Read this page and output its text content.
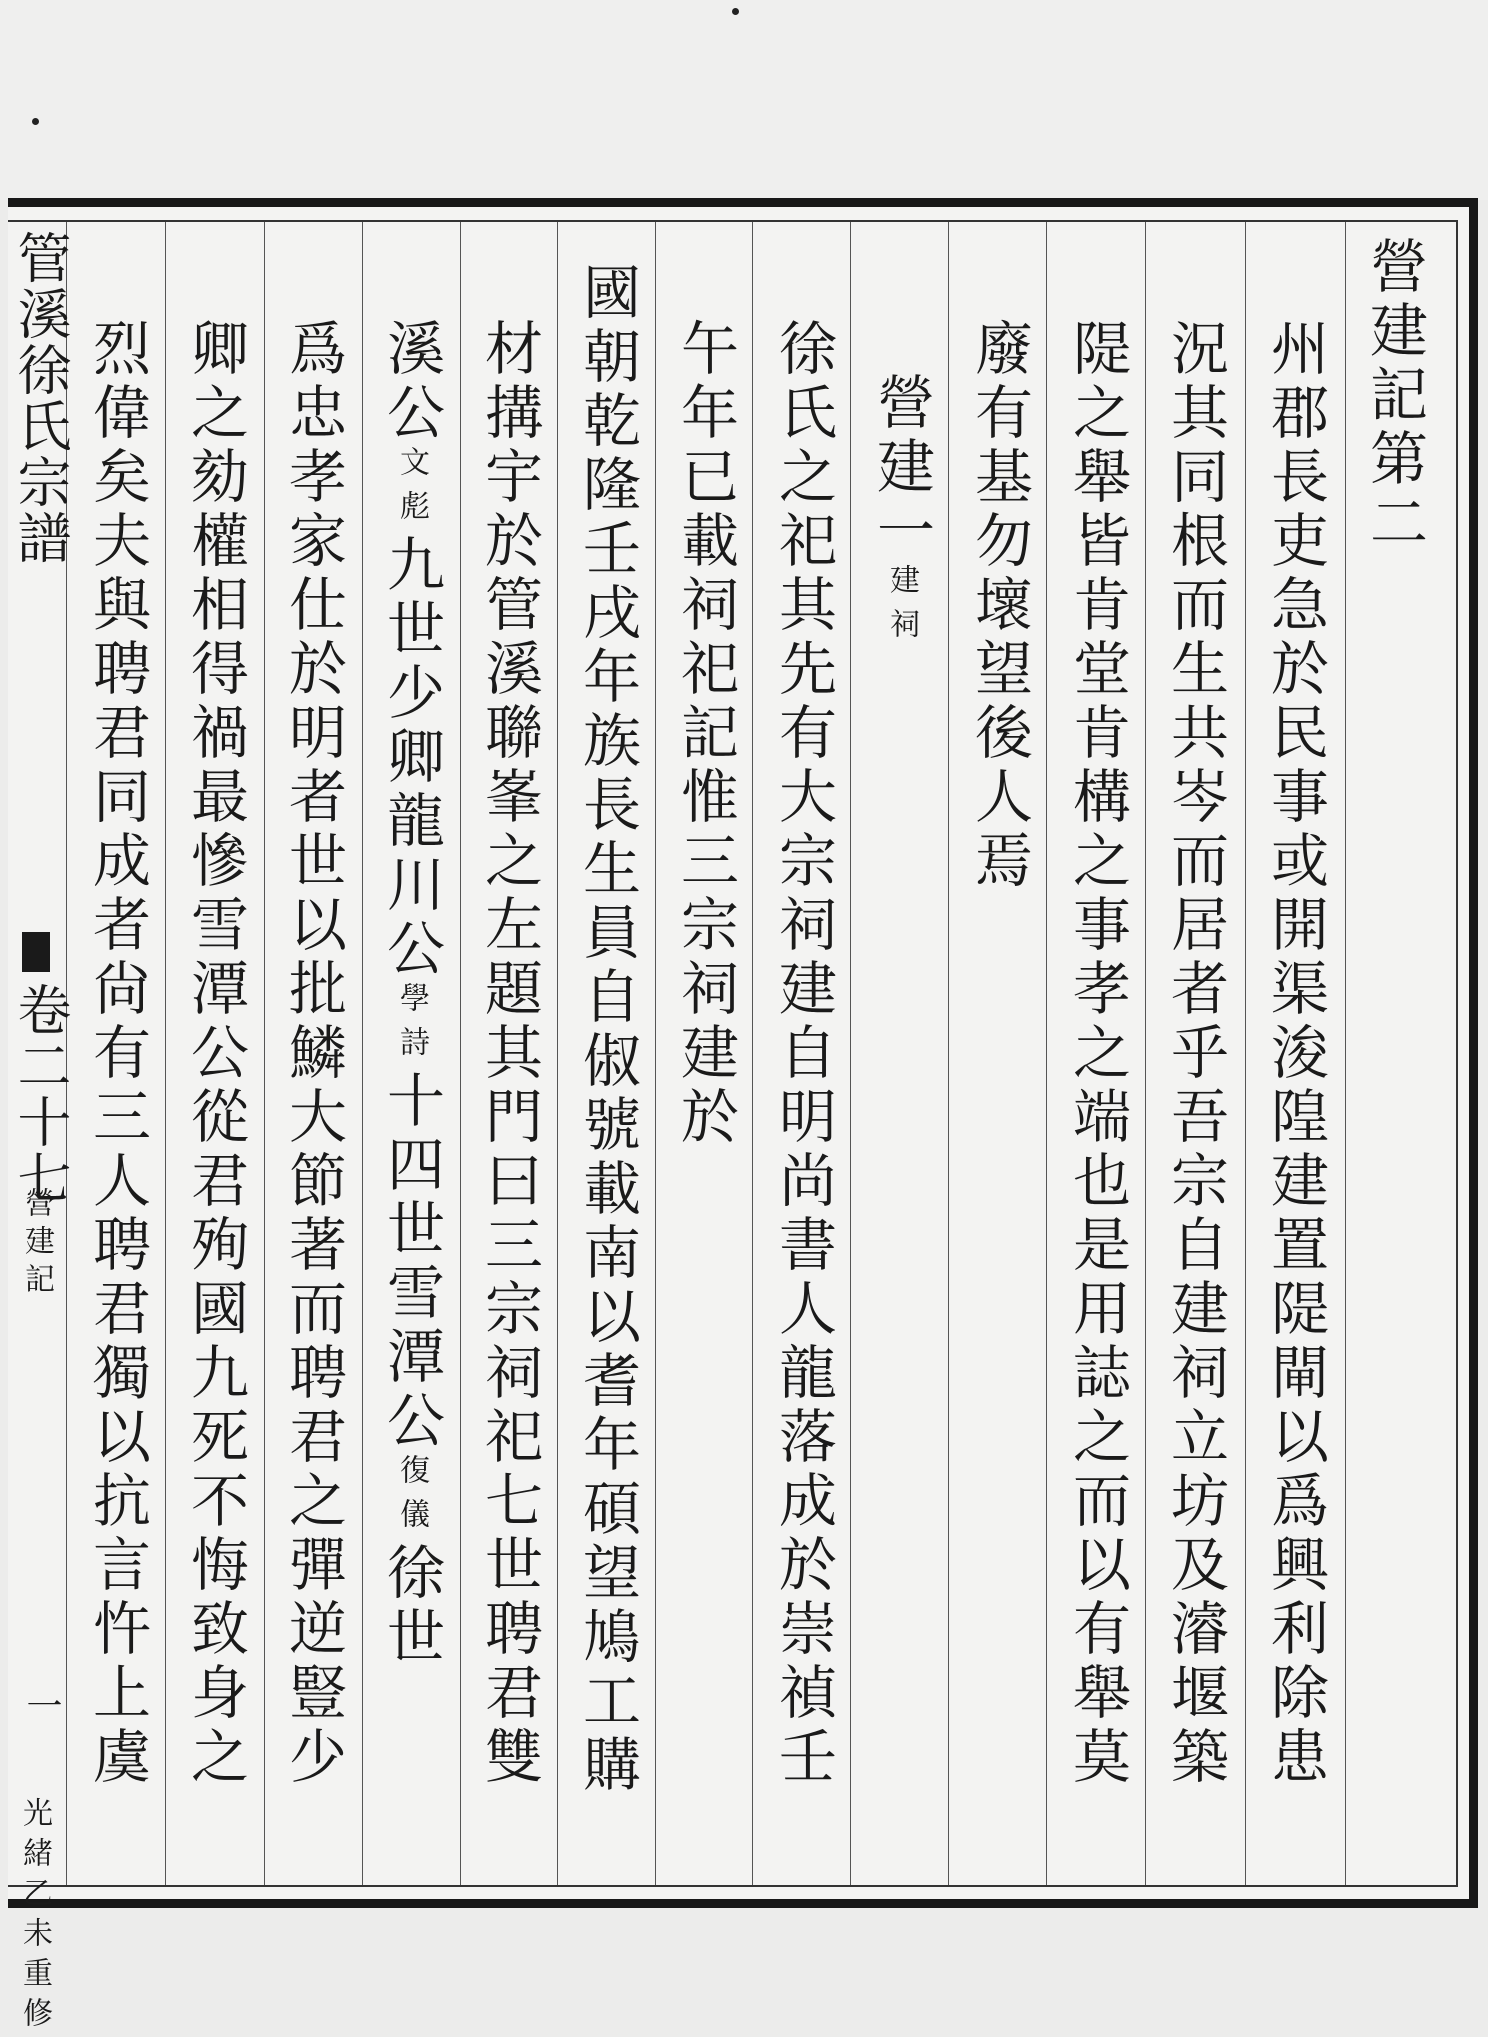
營建記第二
州郡長吏急於民事或開渠浚隍建置隄閘以爲興利除患
況其同根而生共岑而居者乎吾宗自建祠立坊及濬堰築
隄之舉皆肯堂肯構之事孝之端也是用誌之而以有舉莫
廢有基勿壞望後人焉
營建一建祠
徐氏之祀其先有大宗祠建自明尚書人龍落成於崇禎壬
午年已載祠祀記惟三宗祠建於
國朝乾隆壬戌年族長生員自俶號載南以耆年碩望鳩工購
材搆宇於管溪聯峯之左題其門曰三宗祠祀七世聘君雙
溪公文彪九世少卿龍川公學詩十四世雪潭公復儀徐世
爲忠孝家仕於明者世以批鱗大節著而聘君之彈逆豎少
卿之劾權相得禍最慘雪潭公從君殉國九死不悔致身之
烈偉矣夫與聘君同成者尙有三人聘君獨以抗言忤上虞
管溪徐氏宗譜
卷二十七
營建記
一
光緒乙未重修
